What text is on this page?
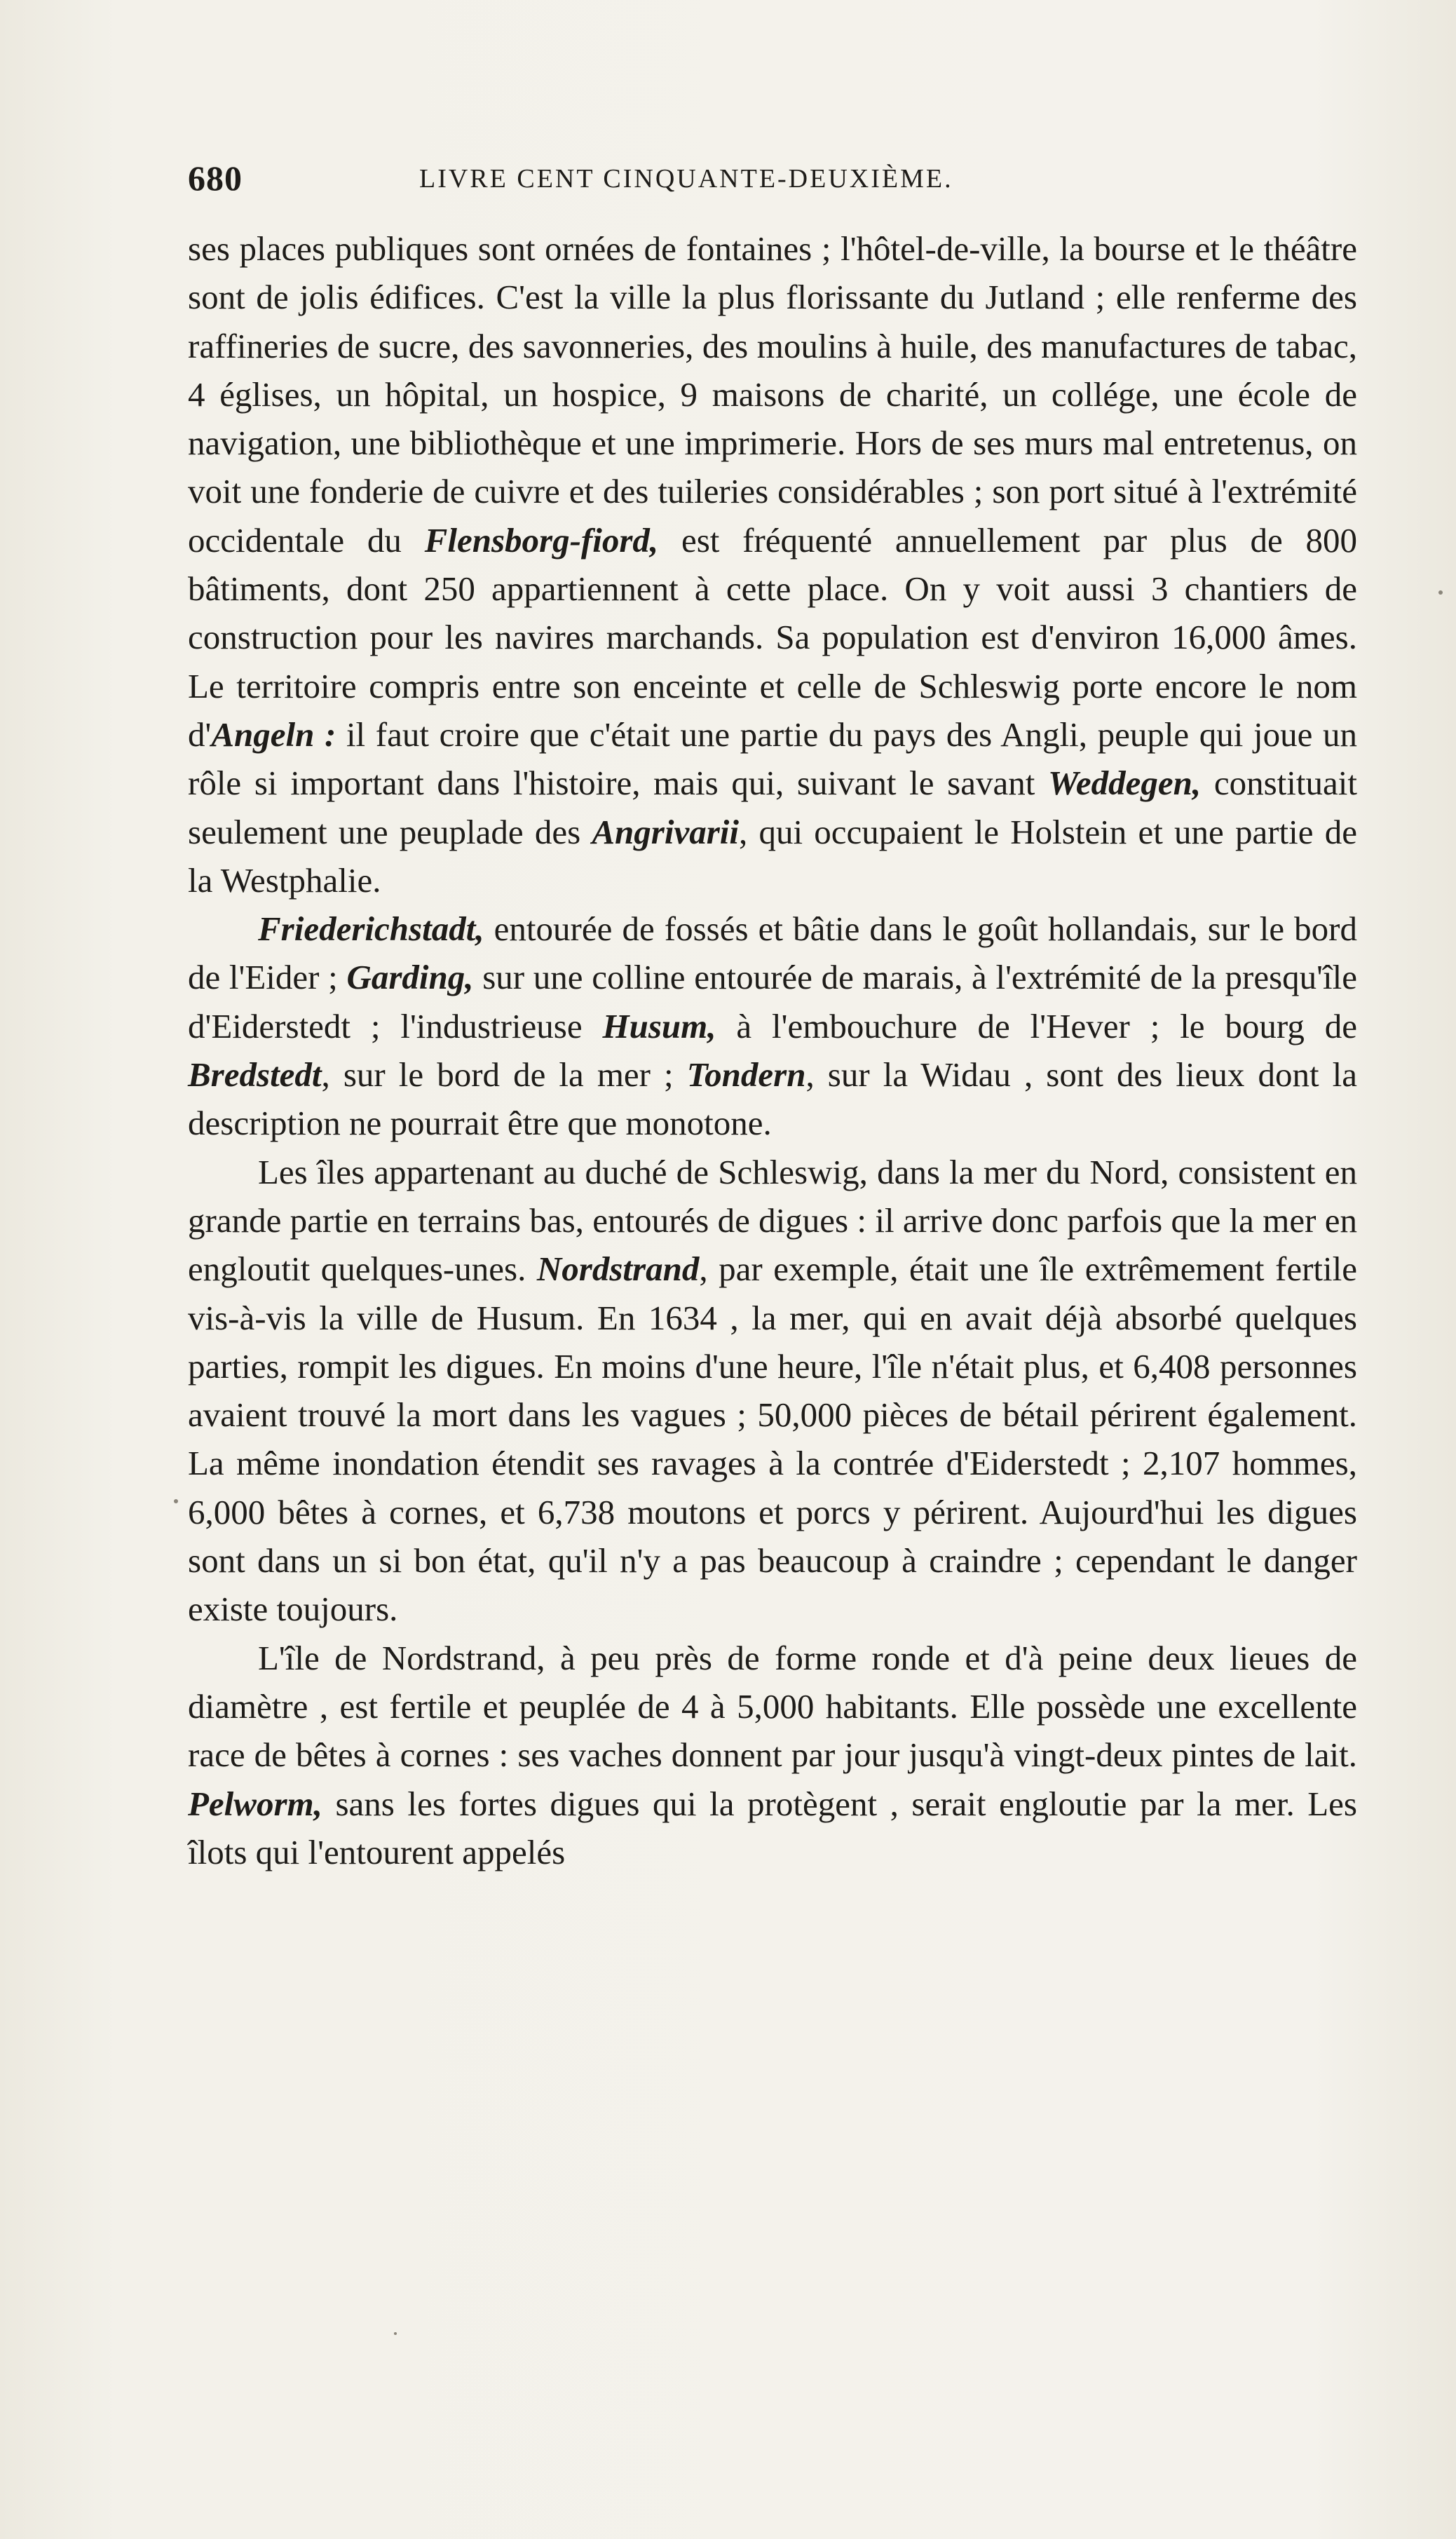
680	LIVRE CENT CINQUANTE-DEUXIÈME.

ses places publiques sont ornées de fontaines ; l'hôtel-de-ville, la bourse et le théâtre sont de jolis édifices. C'est la ville la plus florissante du Jutland ; elle renferme des raffineries de sucre, des savonneries, des moulins à huile, des manufactures de tabac, 4 églises, un hôpital, un hospice, 9 maisons de charité, un collége, une école de navigation, une bibliothèque et une imprimerie. Hors de ses murs mal entretenus, on voit une fonderie de cuivre et des tuileries considérables ; son port situé à l'extrémité occidentale du Flensborg-fiord, est fréquenté annuellement par plus de 800 bâtiments, dont 250 appartiennent à cette place. On y voit aussi 3 chantiers de construction pour les navires marchands. Sa population est d'environ 16,000 âmes. Le territoire compris entre son enceinte et celle de Schleswig porte encore le nom d'Angeln : il faut croire que c'était une partie du pays des Angli, peuple qui joue un rôle si important dans l'histoire, mais qui, suivant le savant Weddegen, constituait seulement une peuplade des Angrivarii, qui occupaient le Holstein et une partie de la Westphalie.

Friederichstadt, entourée de fossés et bâtie dans le goût hollandais, sur le bord de l'Eider ; Garding, sur une colline entourée de marais, à l'extrémité de la presqu'île d'Eiderstedt ; l'industrieuse Husum, à l'embouchure de l'Hever ; le bourg de Bredstedt, sur le bord de la mer ; Tondern, sur la Widau , sont des lieux dont la description ne pourrait être que monotone.

Les îles appartenant au duché de Schleswig, dans la mer du Nord, consistent en grande partie en terrains bas, entourés de digues : il arrive donc parfois que la mer en engloutit quelques-unes. Nordstrand, par exemple, était une île extrêmement fertile vis-à-vis la ville de Husum. En 1634 , la mer, qui en avait déjà absorbé quelques parties, rompit les digues. En moins d'une heure, l'île n'était plus, et 6,408 personnes avaient trouvé la mort dans les vagues ; 50,000 pièces de bétail périrent également. La même inondation étendit ses ravages à la contrée d'Eiderstedt ; 2,107 hommes, 6,000 bêtes à cornes, et 6,738 moutons et porcs y périrent. Aujourd'hui les digues sont dans un si bon état, qu'il n'y a pas beaucoup à craindre ; cependant le danger existe toujours.

L'île de Nordstrand, à peu près de forme ronde et d'à peine deux lieues de diamètre , est fertile et peuplée de 4 à 5,000 habitants. Elle possède une excellente race de bêtes à cornes : ses vaches donnent par jour jusqu'à vingt-deux pintes de lait. Pelworm, sans les fortes digues qui la protègent , serait engloutie par la mer. Les îlots qui l'entourent appelés
